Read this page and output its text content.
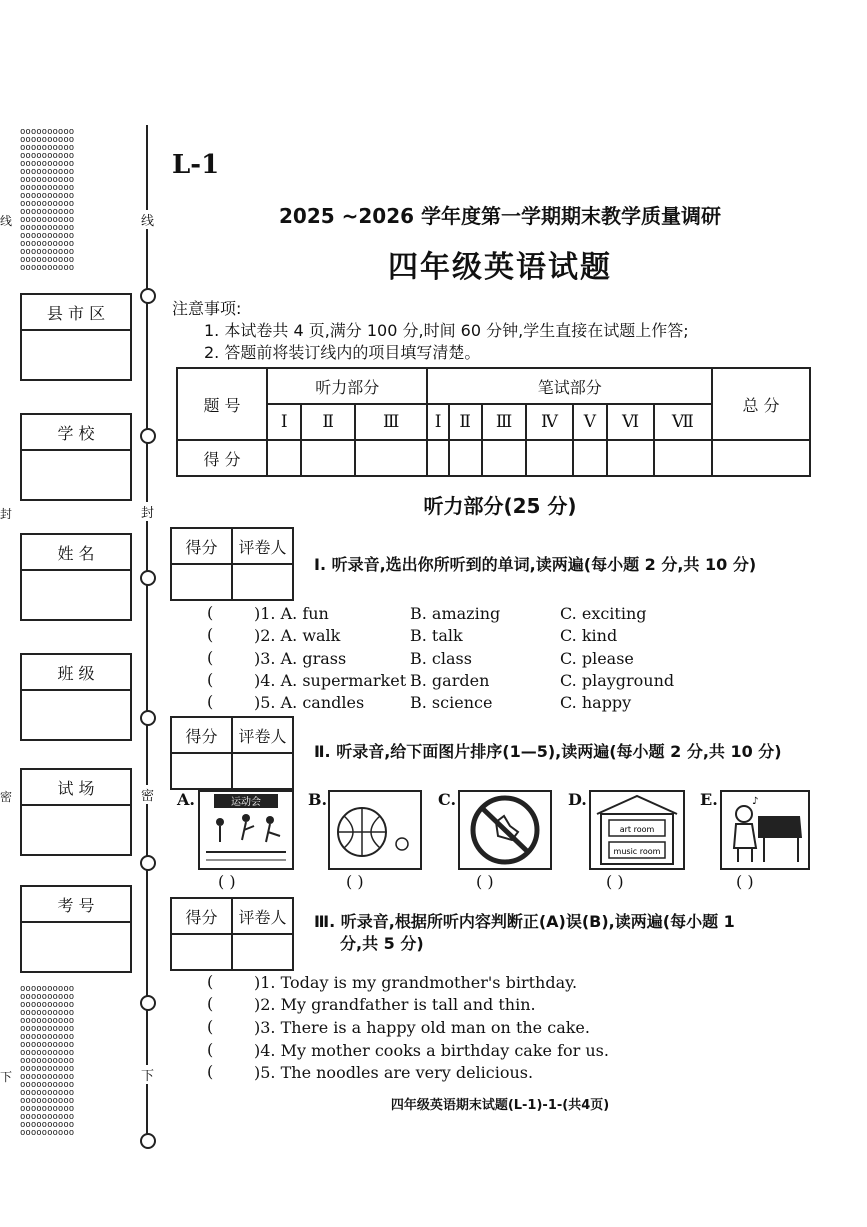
oooooooooo
oooooooooo
oooooooooo
oooooooooo
oooooooooo
oooooooooo
oooooooooo
oooooooooo
oooooooooo
oooooooooo
oooooooooo
oooooooooo
oooooooooo
oooooooooo
oooooooooo
oooooooooo
oooooooooo
oooooooooo
县 市 区
学 校
姓 名
班 级
试 场
考 号
oooooooooo
oooooooooo
oooooooooo
oooooooooo
oooooooooo
oooooooooo
oooooooooo
oooooooooo
oooooooooo
oooooooooo
oooooooooo
oooooooooo
oooooooooo
oooooooooo
oooooooooo
oooooooooo
oooooooooo
oooooooooo
oooooooooo
线
封
密
下
线
封
密
下
L-1
2025 ~2026 学年度第一学期期末教学质量调研
四年级英语试题
注意事项:
1. 本试卷共 4 页,满分 100 分,时间 60 分钟,学生直接在试题上作答;
2. 答题前将装订线内的项目填写清楚。
题 号	听力部分			笔试部分							总 分
	Ⅰ	Ⅱ	Ⅲ	Ⅰ	Ⅱ	Ⅲ	Ⅳ	Ⅴ	Ⅵ	Ⅶ	
得 分											
听力部分(25 分)
得分	评卷人

Ⅰ. 听录音,选出你所听到的单词,读两遍(每小题 2 分,共 10 分)
(	)1. A. fun	B. amazing	C. exciting
(	)2. A. walk	B. talk	C. kind
(	)3. A. grass	B. class	C. please
(	)4. A. supermarket B. garden	C. playground
(	)5. A. candles	B. science	C. happy
得分	评卷人

Ⅱ. 听录音,给下面图片排序(1—5),读两遍(每小题 2 分,共 10 分)
A.	运动会
( )
B.
( )
C.
( )
D.
art room
music room
( )
E.	♪
( )
得分	评卷人
	Ⅲ. 听录音,根据所听内容判断正(A)误(B),读两遍(每小题 1
分,共 5 分)
(	)1. Today is my grandmother's birthday.
(	)2. My grandfather is tall and thin.
(	)3. There is a happy old man on the cake.
(	)4. My mother cooks a birthday cake for us.
(	)5. The noodles are very delicious.
四年级英语期末试题(L-1)-1-(共4页)
